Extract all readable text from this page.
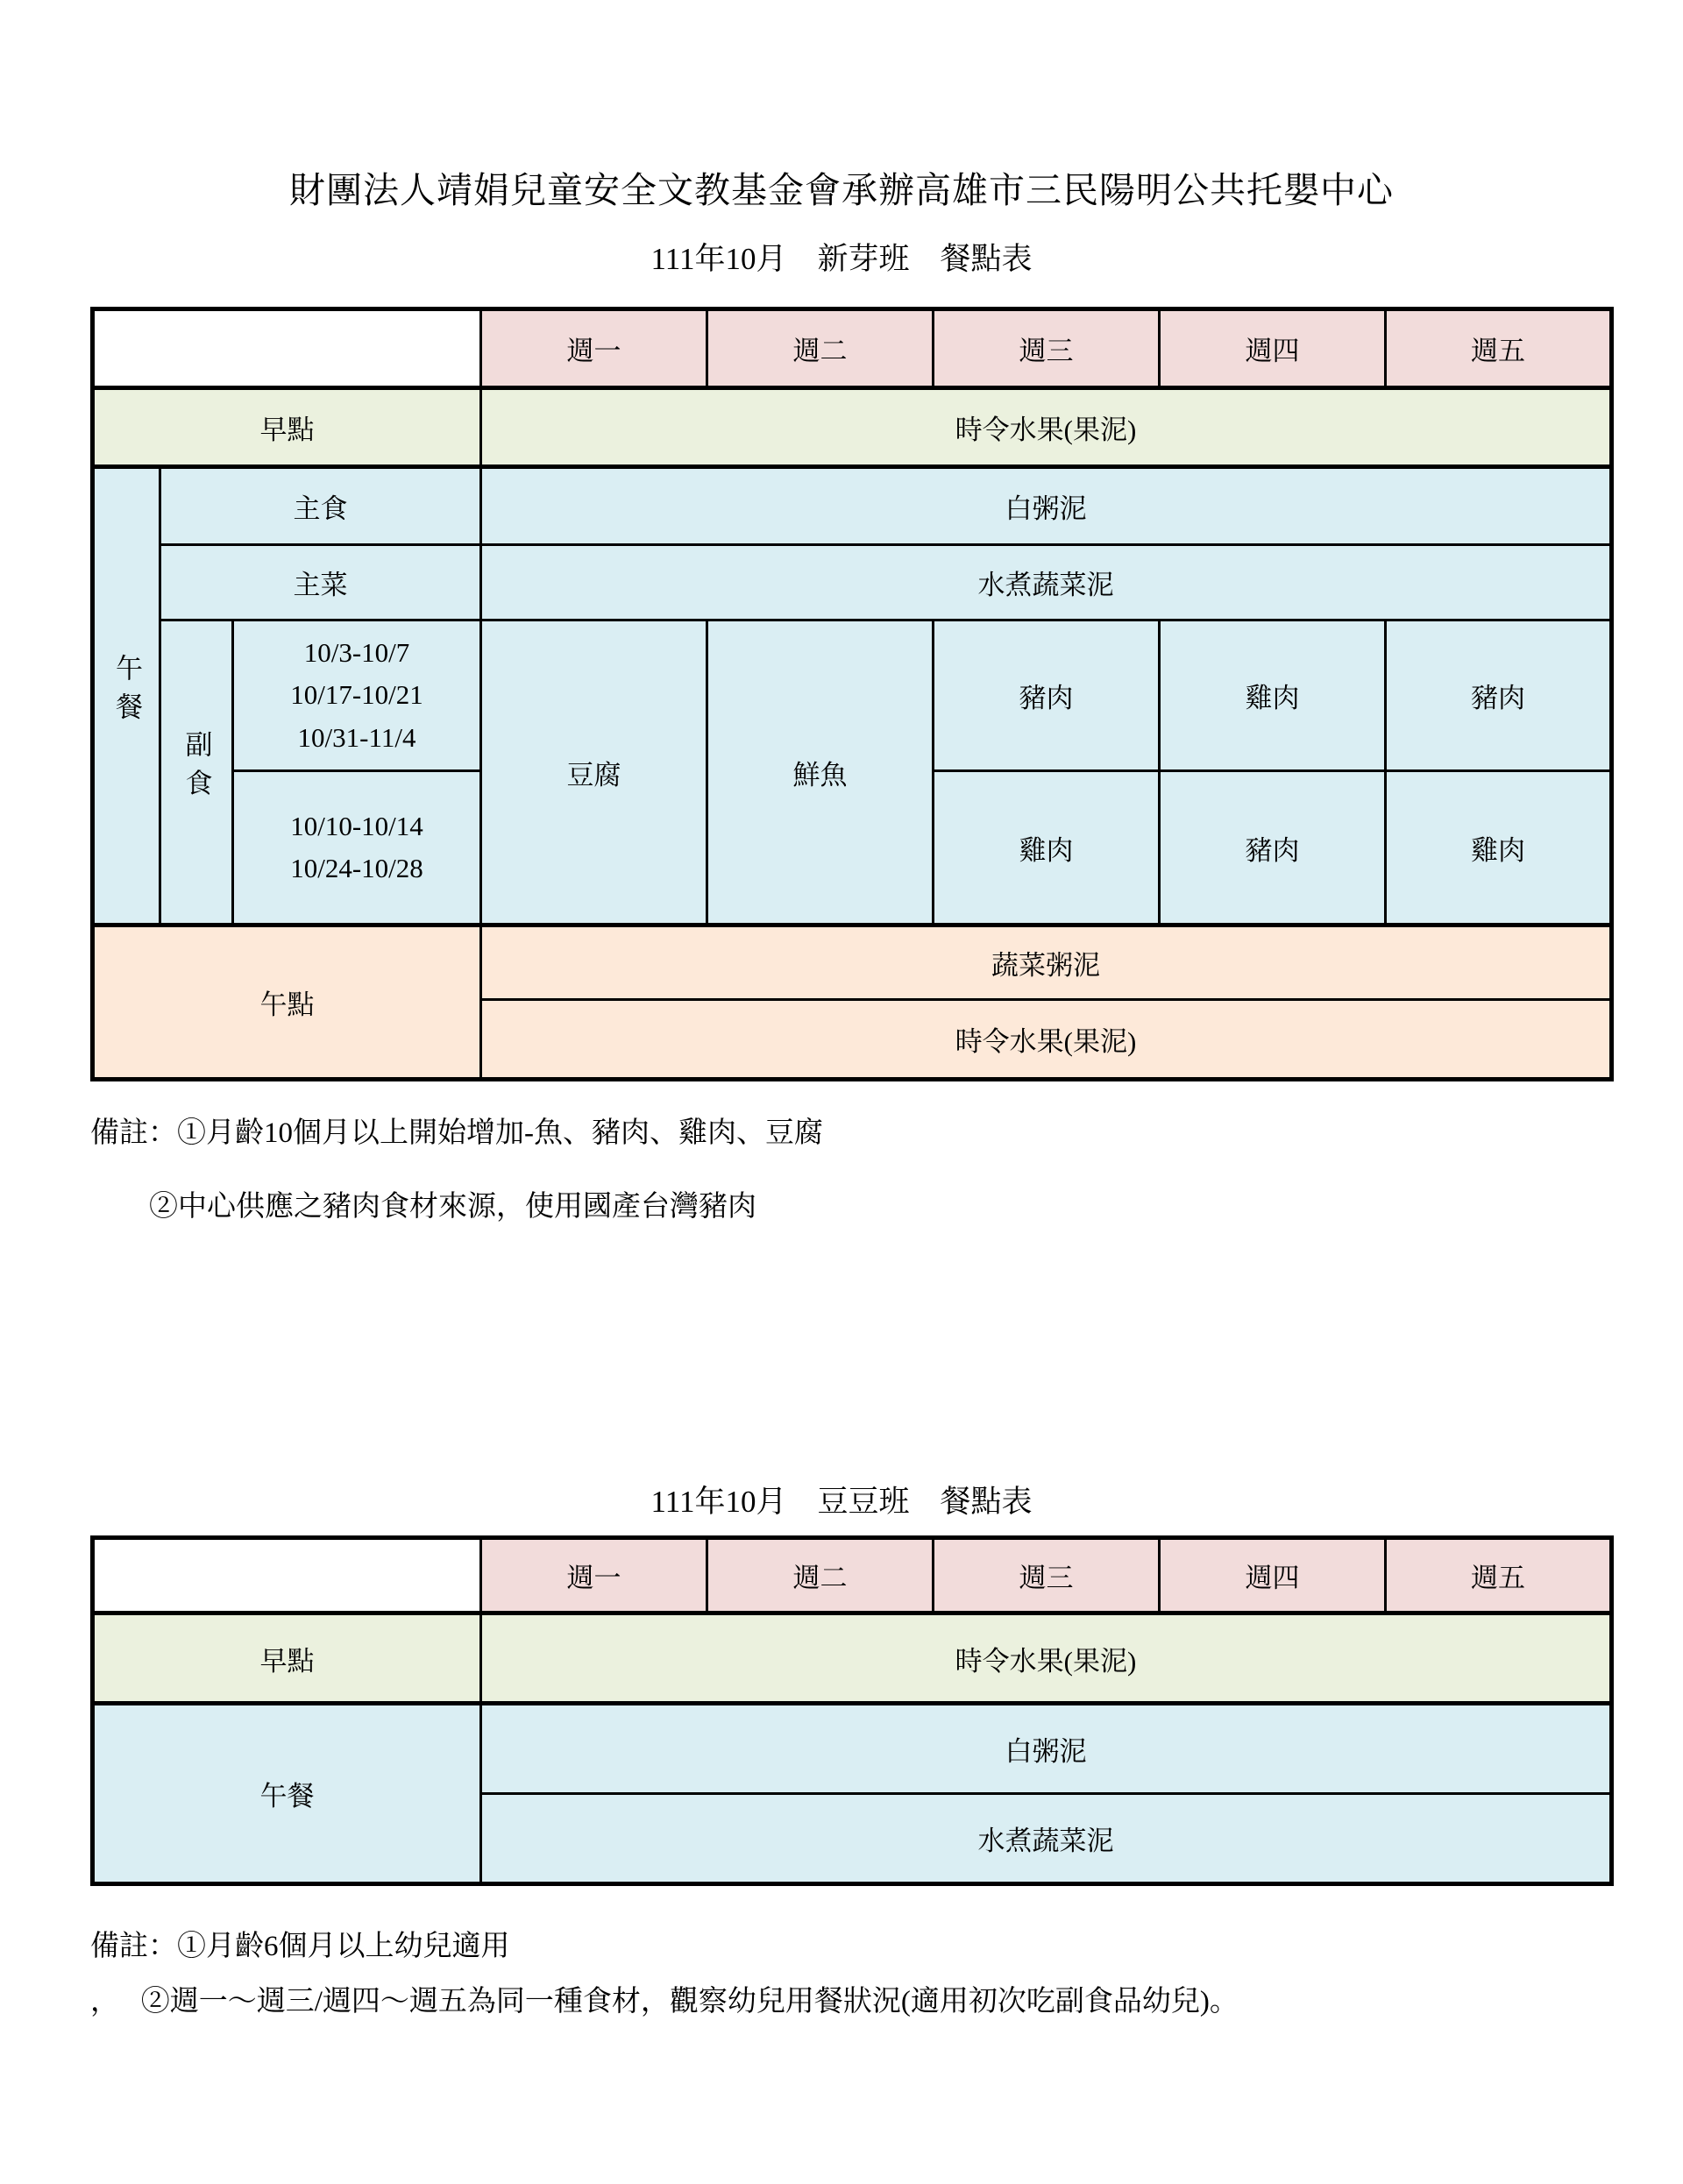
財團法人靖娟兒童安全文教基金會承辦高雄市三民陽明公共托嬰中心
111年10月　新芽班　餐點表
			週一	週二	週三	週四	週五
早點			時令水果(果泥)				
午餐	主食		白粥泥				
	主菜		水煮蔬菜泥				
	副食	10/3-10/7
10/17-10/21
10/31-11/4	豆腐	鮮魚	豬肉	雞肉	豬肉

		10/10-10/14
10/24-10/28			雞肉	豬肉	雞肉
午點			蔬菜粥泥				
			時令水果(果泥)				
備註：①月齡10個月以上開始增加-魚、豬肉、雞肉、豆腐
②中心供應之豬肉食材來源，使用國產台灣豬肉
111年10月　豆豆班　餐點表
	週一	週二	週三	週四	週五
早點	時令水果(果泥)				
午餐	白粥泥				
	水煮蔬菜泥				
備註：①月齡6個月以上幼兒適用
，　 ②週一～週三/週四～週五為同一種食材，觀察幼兒用餐狀況(適用初次吃副食品幼兒)。
